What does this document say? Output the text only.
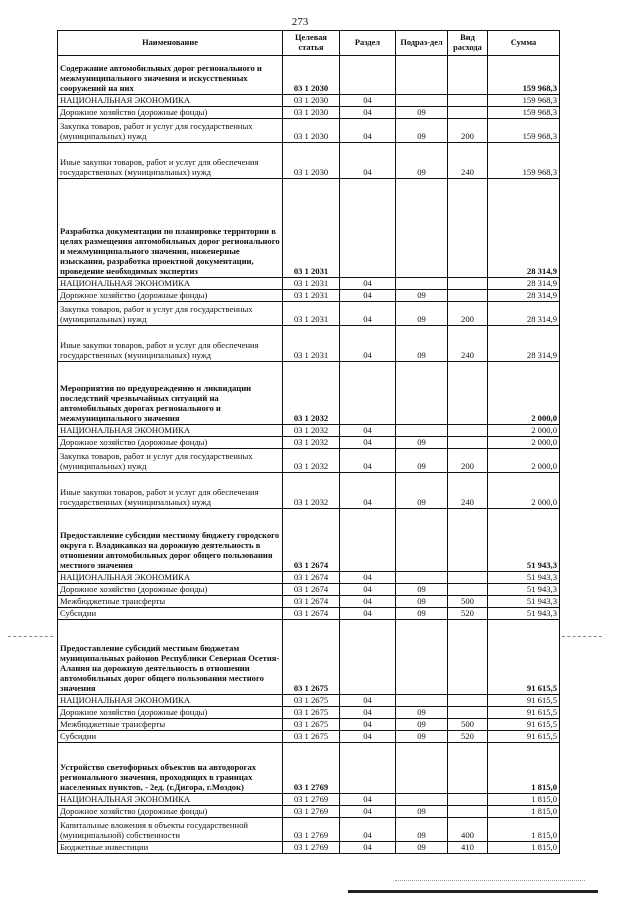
273
Наименование	Целевая статья	Раздел	Подраз-дел	Вид расхода	Сумма
Содержание автомобильных дорог регионального и межмуниципального значения и искусственных сооружений на них	03 1 2030				159 968,3
НАЦИОНАЛЬНАЯ ЭКОНОМИКА	03 1 2030	04			159 968,3
Дорожное хозяйство (дорожные фонды)	03 1 2030	04	09		159 968,3
Закупка товаров, работ и услуг для государственных (муниципальных) нужд	03 1 2030	04	09	200	159 968,3
Иные закупки товаров, работ и услуг для обеспечения государственных (муниципальных) нужд	03 1 2030	04	09	240	159 968,3
Разработка документации по планировке территории в целях размещения автомобильных дорог регионального и межмуниципального значения, инженерные изыскания, разработка проектной документации, проведение необходимых экспертиз	03 1 2031				28 314,9
НАЦИОНАЛЬНАЯ ЭКОНОМИКА	03 1 2031	04			28 314,9
Дорожное хозяйство (дорожные фонды)	03 1 2031	04	09		28 314,9
Закупка товаров, работ и услуг для государственных (муниципальных) нужд	03 1 2031	04	09	200	28 314,9
Иные закупки товаров, работ и услуг для обеспечения государственных (муниципальных) нужд	03 1 2031	04	09	240	28 314,9
Мероприятия по предупреждению и ликвидации последствий чрезвычайных ситуаций на автомобильных дорогах регионального и межмуниципального значения	03 1 2032				2 000,0
НАЦИОНАЛЬНАЯ ЭКОНОМИКА	03 1 2032	04			2 000,0
Дорожное хозяйство (дорожные фонды)	03 1 2032	04	09		2 000,0
Закупка товаров, работ и услуг для государственных (муниципальных) нужд	03 1 2032	04	09	200	2 000,0
Иные закупки товаров, работ и услуг для обеспечения государственных (муниципальных) нужд	03 1 2032	04	09	240	2 000,0
Предоставление субсидии местному бюджету городского округа г. Владикавказ на дорожную деятельность в отношении автомобильных дорог общего пользования местного значения	03 1 2674				51 943,3
НАЦИОНАЛЬНАЯ ЭКОНОМИКА	03 1 2674	04			51 943,3
Дорожное хозяйство (дорожные фонды)	03 1 2674	04	09		51 943,3
Межбюджетные трансферты	03 1 2674	04	09	500	51 943,3
Субсидии	03 1 2674	04	09	520	51 943,3
Предоставление субсидий местным бюджетам муниципальных районов Республики Северная Осетия-Алания на дорожную деятельность в отношении автомобильных дорог общего пользования местного значения	03 1 2675				91 615,5
НАЦИОНАЛЬНАЯ ЭКОНОМИКА	03 1 2675	04			91 615,5
Дорожное хозяйство (дорожные фонды)	03 1 2675	04	09		91 615,5
Межбюджетные трансферты	03 1 2675	04	09	500	91 615,5
Субсидии	03 1 2675	04	09	520	91 615,5
Устройство светофорных объектов на автодорогах регионального значения, проходящих в границах населенных пунктов, - 2ед. (г.Дигора, г.Моздок)	03 1 2769				1 815,0
НАЦИОНАЛЬНАЯ ЭКОНОМИКА	03 1 2769	04			1 815,0
Дорожное хозяйство (дорожные фонды)	03 1 2769	04	09		1 815,0
Капитальные вложения в объекты государственной (муниципальной) собственности	03 1 2769	04	09	400	1 815,0
Бюджетные инвестиции	03 1 2769	04	09	410	1 815,0
